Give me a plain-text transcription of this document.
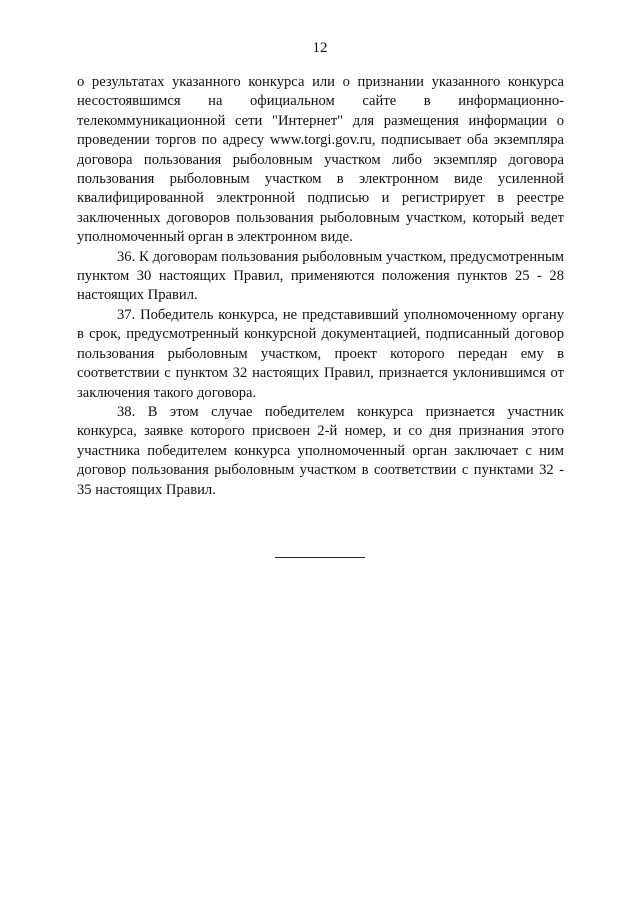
12

о результатах указанного конкурса или о признании указанного конкурса несостоявшимся на официальном сайте в информационно-телекоммуникационной сети "Интернет" для размещения информации о проведении торгов по адресу www.torgi.gov.ru, подписывает оба экземпляра договора пользования рыболовным участком либо экземпляр договора пользования рыболовным участком в электронном виде усиленной квалифицированной электронной подписью и регистрирует в реестре заключенных договоров пользования рыболовным участком, который ведет уполномоченный орган в электронном виде.

36. К договорам пользования рыболовным участком, предусмотренным пунктом 30 настоящих Правил, применяются положения пунктов 25 - 28 настоящих Правил.

37. Победитель конкурса, не представивший уполномоченному органу в срок, предусмотренный конкурсной документацией, подписанный договор пользования рыболовным участком, проект которого передан ему в соответствии с пунктом 32 настоящих Правил, признается уклонившимся от заключения такого договора.

38. В этом случае победителем конкурса признается участник конкурса, заявке которого присвоен 2-й номер, и со дня признания этого участника победителем конкурса уполномоченный орган заключает с ним договор пользования рыболовным участком в соответствии с пунктами 32 - 35 настоящих Правил.
